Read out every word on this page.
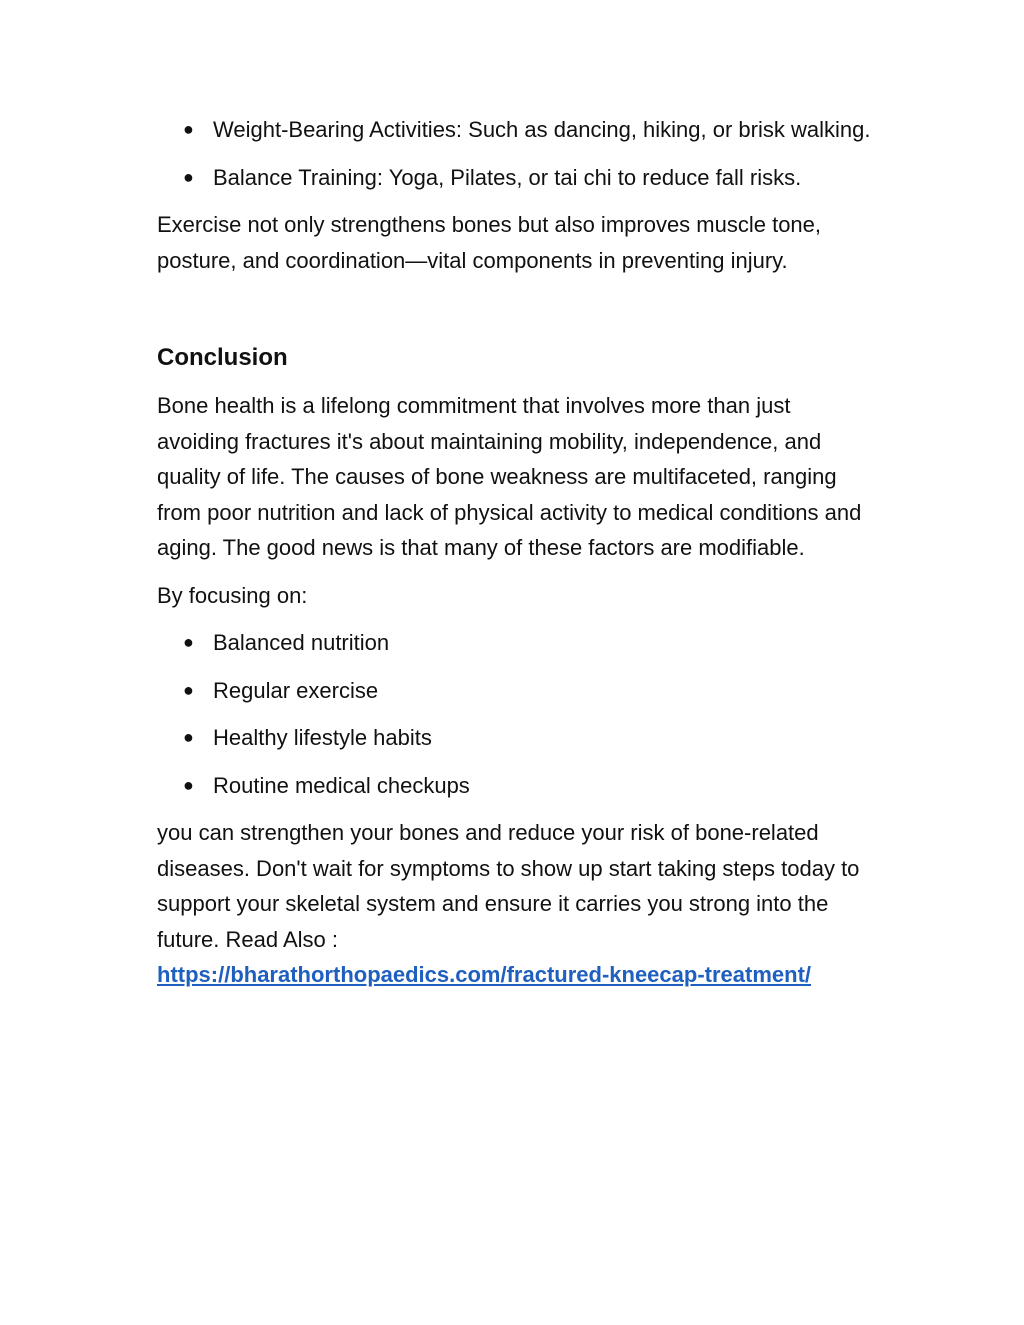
● Weight-Bearing Activities: Such as dancing, hiking, or brisk walking.
● Balance Training: Yoga, Pilates, or tai chi to reduce fall risks.

Exercise not only strengthens bones but also improves muscle tone, posture, and coordination—vital components in preventing injury.

Conclusion

Bone health is a lifelong commitment that involves more than just avoiding fractures it's about maintaining mobility, independence, and quality of life. The causes of bone weakness are multifaceted, ranging from poor nutrition and lack of physical activity to medical conditions and aging. The good news is that many of these factors are modifiable.

By focusing on:

● Balanced nutrition
● Regular exercise
● Healthy lifestyle habits
● Routine medical checkups

you can strengthen your bones and reduce your risk of bone-related diseases. Don't wait for symptoms to show up start taking steps today to support your skeletal system and ensure it carries you strong into the future. Read Also :
https://bharathorthopaedics.com/fractured-kneecap-treatment/
